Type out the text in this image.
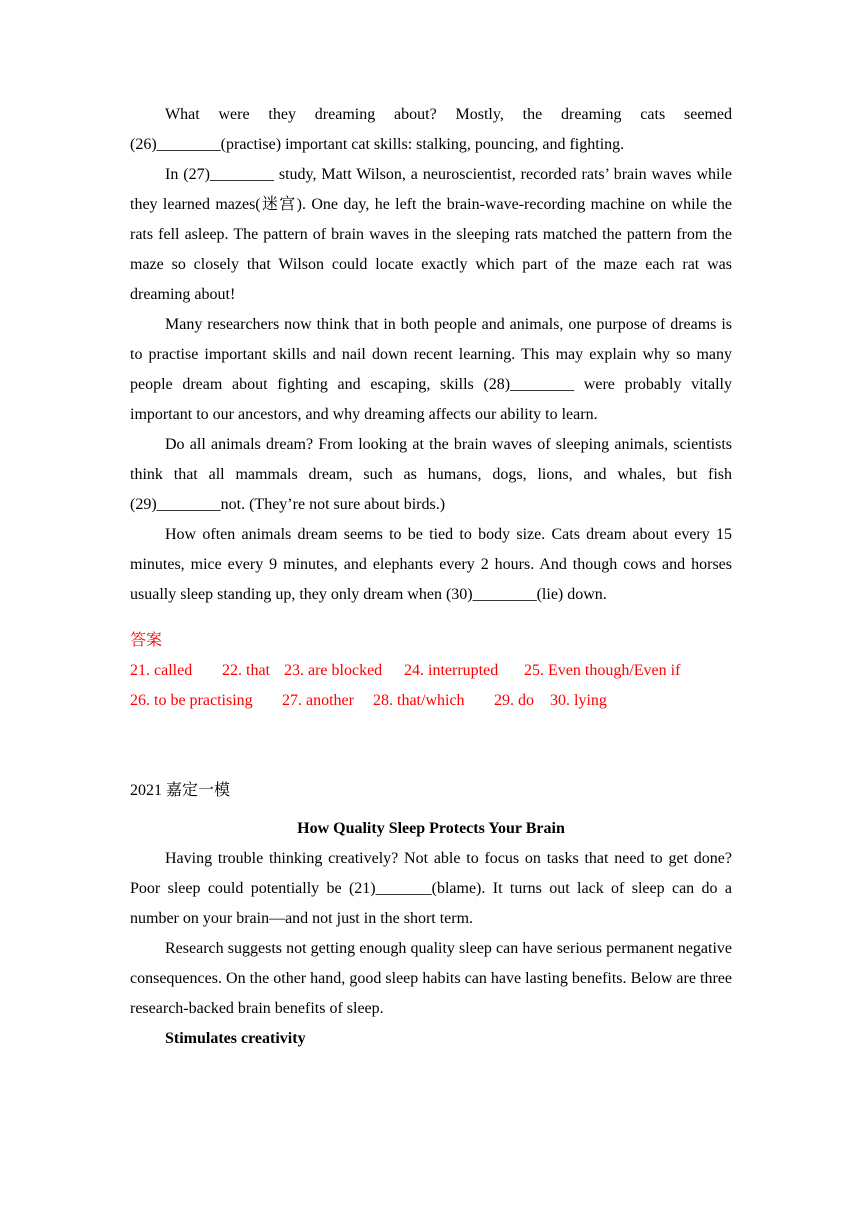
What were they dreaming about? Mostly, the dreaming cats seemed (26)________(practise) important cat skills: stalking, pouncing, and fighting.

In (27)________ study, Matt Wilson, a neuroscientist, recorded rats’ brain waves while they learned mazes(迷宫). One day, he left the brain-wave-recording machine on while the rats fell asleep. The pattern of brain waves in the sleeping rats matched the pattern from the maze so closely that Wilson could locate exactly which part of the maze each rat was dreaming about!

Many researchers now think that in both people and animals, one purpose of dreams is to practise important skills and nail down recent learning. This may explain why so many people dream about fighting and escaping, skills (28)________ were probably vitally important to our ancestors, and why dreaming affects our ability to learn.

Do all animals dream? From looking at the brain waves of sleeping animals, scientists think that all mammals dream, such as humans, dogs, lions, and whales, but fish (29)________not. (They’re not sure about birds.)

How often animals dream seems to be tied to body size. Cats dream about every 15 minutes, mice every 9 minutes, and elephants every 2 hours. And though cows and horses usually sleep standing up, they only dream when (30)________(lie) down.

答案
21. called 22. that 23. are blocked 24. interrupted 25. Even though/Even if
26. to be practising 27. another 28. that/which 29. do 30. lying
2021 嘉定一模
How Quality Sleep Protects Your Brain

Having trouble thinking creatively? Not able to focus on tasks that need to get done? Poor sleep could potentially be (21)_______(blame). It turns out lack of sleep can do a number on your brain—and not just in the short term.

Research suggests not getting enough quality sleep can have serious permanent negative consequences. On the other hand, good sleep habits can have lasting benefits. Below are three research-backed brain benefits of sleep.

Stimulates creativity
